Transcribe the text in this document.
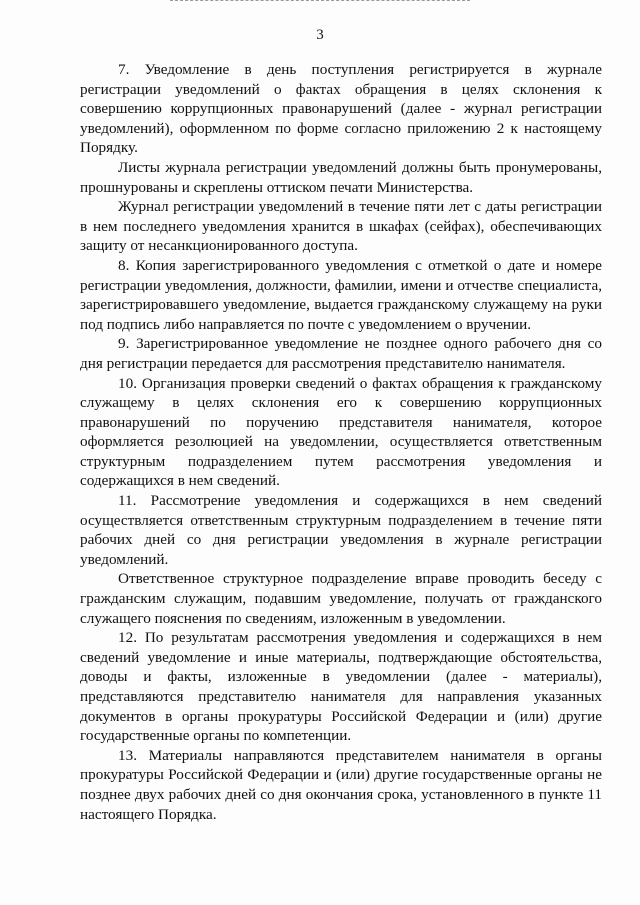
3

7. Уведомление в день поступления регистрируется в журнале регистрации уведомлений о фактах обращения в целях склонения к совершению коррупционных правонарушений (далее - журнал регистрации уведомлений), оформленном по форме согласно приложению 2 к настоящему Порядку.

Листы журнала регистрации уведомлений должны быть пронумерованы, прошнурованы и скреплены оттиском печати Министерства.

Журнал регистрации уведомлений в течение пяти лет с даты регистрации в нем последнего уведомления хранится в шкафах (сейфах), обеспечивающих защиту от несанкционированного доступа.

8. Копия зарегистрированного уведомления с отметкой о дате и номере регистрации уведомления, должности, фамилии, имени и отчестве специалиста, зарегистрировавшего уведомление, выдается гражданскому служащему на руки под подпись либо направляется по почте с уведомлением о вручении.

9. Зарегистрированное уведомление не позднее одного рабочего дня со дня регистрации передается для рассмотрения представителю нанимателя.

10. Организация проверки сведений о фактах обращения к гражданскому служащему в целях склонения его к совершению коррупционных правонарушений по поручению представителя нанимателя, которое оформляется резолюцией на уведомлении, осуществляется ответственным структурным подразделением путем рассмотрения уведомления и содержащихся в нем сведений.

11. Рассмотрение уведомления и содержащихся в нем сведений осуществляется ответственным структурным подразделением в течение пяти рабочих дней со дня регистрации уведомления в журнале регистрации уведомлений.

Ответственное структурное подразделение вправе проводить беседу с гражданским служащим, подавшим уведомление, получать от гражданского служащего пояснения по сведениям, изложенным в уведомлении.

12. По результатам рассмотрения уведомления и содержащихся в нем сведений уведомление и иные материалы, подтверждающие обстоятельства, доводы и факты, изложенные в уведомлении (далее - материалы), представляются представителю нанимателя для направления указанных документов в органы прокуратуры Российской Федерации и (или) другие государственные органы по компетенции.

13. Материалы направляются представителем нанимателя в органы прокуратуры Российской Федерации и (или) другие государственные органы не позднее двух рабочих дней со дня окончания срока, установленного в пункте 11 настоящего Порядка.
